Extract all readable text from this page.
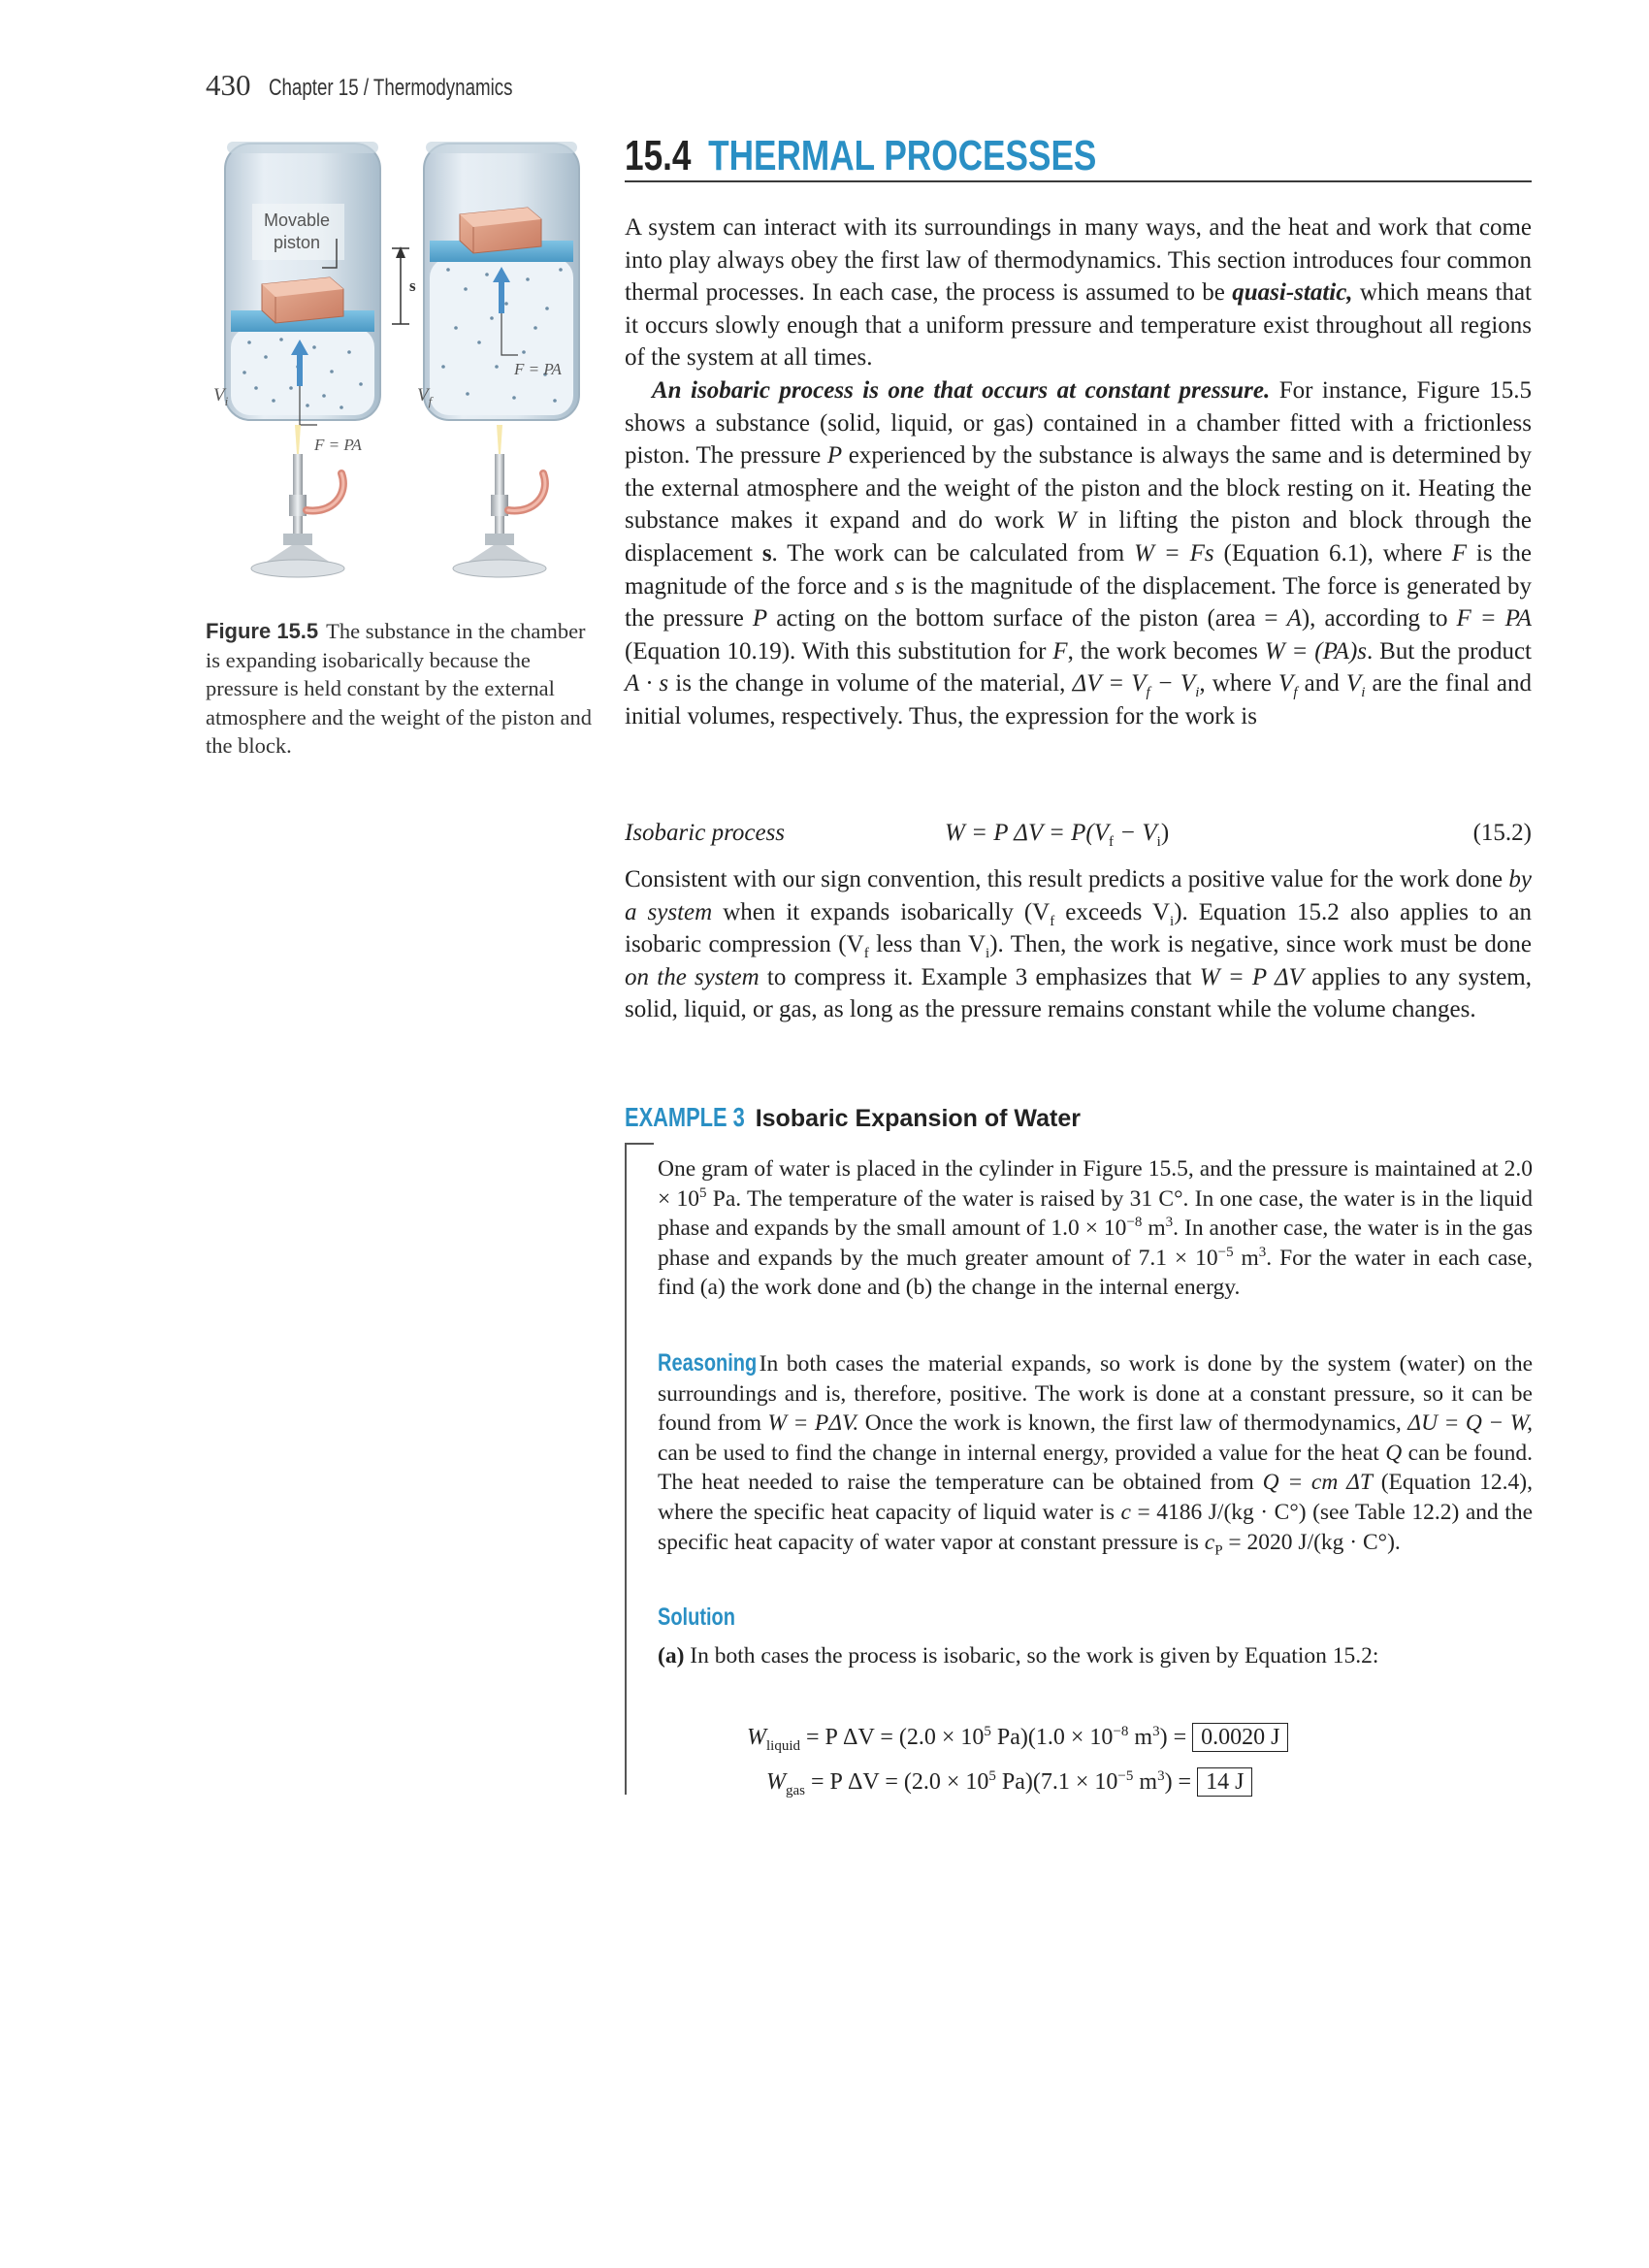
430 Chapter 15 / Thermodynamics
15.4 THERMAL PROCESSES
Movable
piston
s
$V_i$	$V_f$
F = PA
F = PA
Figure 15.5 The substance in the chamber is expanding isobarically because the pressure is held constant by the external atmosphere and the weight of the piston and the block.

A system can interact with its surroundings in many ways, and the heat and work that come into play always obey the first law of thermodynamics. This section introduces four common thermal processes. In each case, the process is assumed to be quasi-static, which means that it occurs slowly enough that a uniform pressure and temperature exist throughout all regions of the system at all times.

An isobaric process is one that occurs at constant pressure. For instance, Figure 15.5 shows a substance (solid, liquid, or gas) contained in a chamber fitted with a frictionless piston. The pressure P experienced by the substance is always the same and is determined by the external atmosphere and the weight of the piston and the block resting on it. Heating the substance makes it expand and do work W in lifting the piston and block through the displacement s. The work can be calculated from W = Fs (Equation 6.1), where F is the magnitude of the force and s is the magnitude of the displacement. The force is generated by the pressure P acting on the bottom surface of the piston (area = A), according to F = PA (Equation 10.19). With this substitution for F, the work becomes W = (PA)s. But the product A · s is the change in volume of the material, $\Delta V = V_f - V_i$, where $V_f$ and $V_i$ are the final and initial volumes, respectively. Thus, the expression for the work is

Isobaric process	W = P $\Delta V = P(V_f - V_i)$	(15.2)

Consistent with our sign convention, this result predicts a positive value for the work done by a system when it expands isobarically ($V_f$ exceeds $V_i$). Equation 15.2 also applies to an isobaric compression ($V_f$ less than $V_i$). Then, the work is negative, since work must be done on the system to compress it. Example 3 emphasizes that W = P ΔV applies to any system, solid, liquid, or gas, as long as the pressure remains constant while the volume changes.

EXAMPLE 3 Isobaric Expansion of Water

One gram of water is placed in the cylinder in Figure 15.5, and the pressure is maintained at $2.0 \times 10^5$ Pa. The temperature of the water is raised by 31 C°. In one case, the water is in the liquid phase and expands by the small amount of $1.0 \times 10^{-8}$ $m^3$. In another case, the water is in the gas phase and expands by the much greater amount of $7.1 \times 10^{-5}$ $m^3$. For the water in each case, find (a) the work done and (b) the change in the internal energy.

Reasoning In both cases the material expands, so work is done by the system (water) on the surroundings and is, therefore, positive. The work is done at a constant pressure, so it can be found from W = PΔV. Once the work is known, the first law of thermodynamics, ΔU = Q − W, can be used to find the change in internal energy, provided a value for the heat Q can be found. The heat needed to raise the temperature can be obtained from Q = cm ΔT (Equation 12.4), where the specific heat capacity of liquid water is c = 4186 J/(kg · C°) (see Table 12.2) and the specific heat capacity of water vapor at constant pressure is $c_P = 2020$ J/(kg · C°).

Solution

(a) In both cases the process is isobaric, so the work is given by Equation 15.2:

$W_{liquid} = P$ $\Delta V = (2.0 \times 10^5$ $Pa)(1.0 \times 10^{-8}$ $m^3) = 0.0020$ J
$W_{gas} = P$ $\Delta V = (2.0 \times 10^5$ $Pa)(7.1 \times 10^{-5}$ $m^3) = 14$ J
